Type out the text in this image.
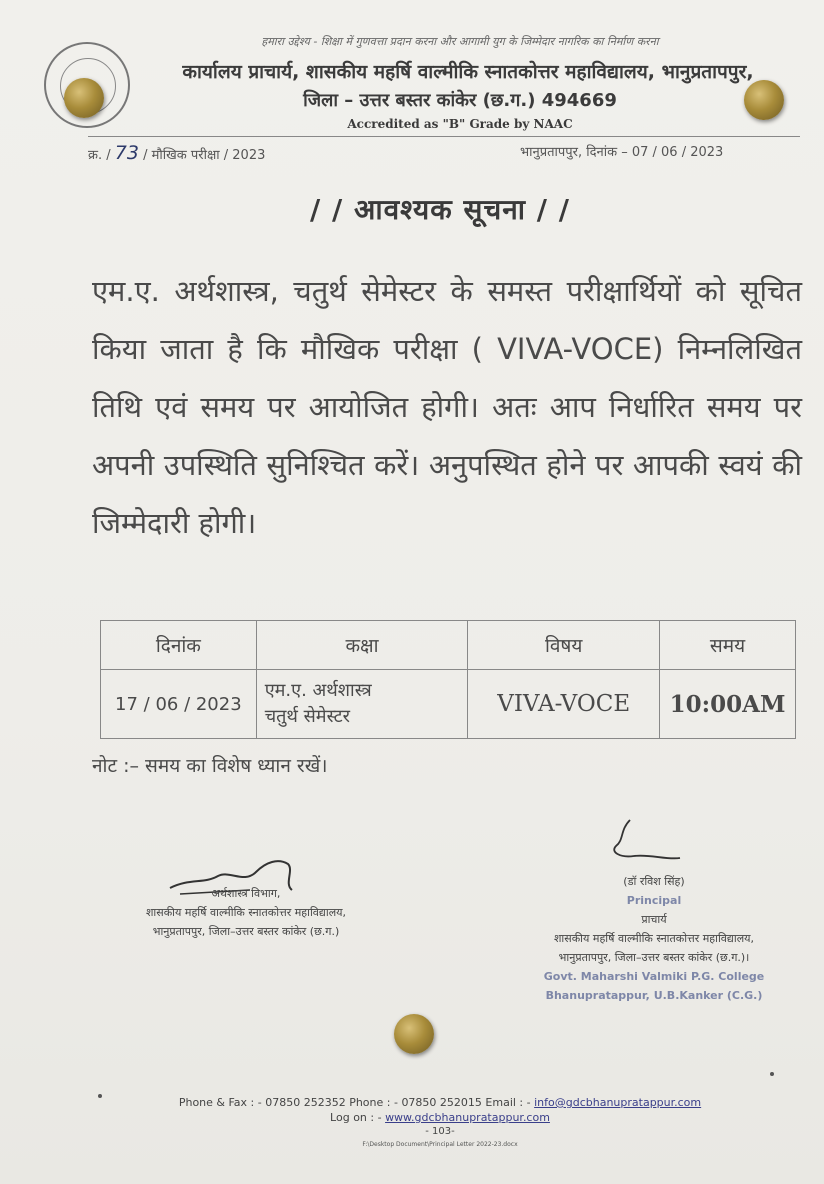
हमारा उद्देश्य - शिक्षा में गुणवत्ता प्रदान करना और आगामी युग के जिम्मेदार नागरिक का निर्माण करना
कार्यालय प्राचार्य, शासकीय महर्षि वाल्मीकि स्नातकोत्तर महाविद्यालय, भानुप्रतापपुर,
जिला – उत्तर बस्तर कांकेर (छ.ग.) 494669
Accredited as "B" Grade by NAAC
क्र. / 73 / मौखिक परीक्षा / 2023	भानुप्रतापपुर, दिनांक – 07 / 06 / 2023
/ / आवश्यक सूचना / /
एम.ए. अर्थशास्त्र, चतुर्थ सेमेस्टर के समस्त परीक्षार्थियों को सूचित किया जाता है कि मौखिक परीक्षा ( VIVA-VOCE) निम्नलिखित तिथि एवं समय पर आयोजित होगी। अतः आप निर्धारित समय पर अपनी उपस्थिति सुनिश्चित करें। अनुपस्थित होने पर आपकी स्वयं की जिम्मेदारी होगी।
दिनांक	कक्षा	विषय	समय
17 / 06 / 2023	एम.ए. अर्थशास्त्र
चतुर्थ सेमेस्टर	VIVA-VOCE	10:00AM
नोट :– समय का विशेष ध्यान रखें।
अर्थशास्त्र विभाग,
शासकीय महर्षि वाल्मीकि स्नातकोत्तर महाविद्यालय,
भानुप्रतापपुर, जिला–उत्तर बस्तर कांकेर (छ.ग.)
(डॉ रविश सिंह)
Principal
प्राचार्य
शासकीय महर्षि वाल्मीकि स्नातकोत्तर महाविद्यालय,
भानुप्रतापपुर, जिला–उत्तर बस्तर कांकेर (छ.ग.)।
Govt. Maharshi Valmiki P.G. College
Bhanupratappur, U.B.Kanker (C.G.)
Phone & Fax : - 07850 252352 Phone : - 07850 252015 Email : - info@gdcbhanupratappur.com
Log on : - www.gdcbhanupratappur.com
- 103-
F:\Desktop Document\Principal Letter 2022-23.docx
